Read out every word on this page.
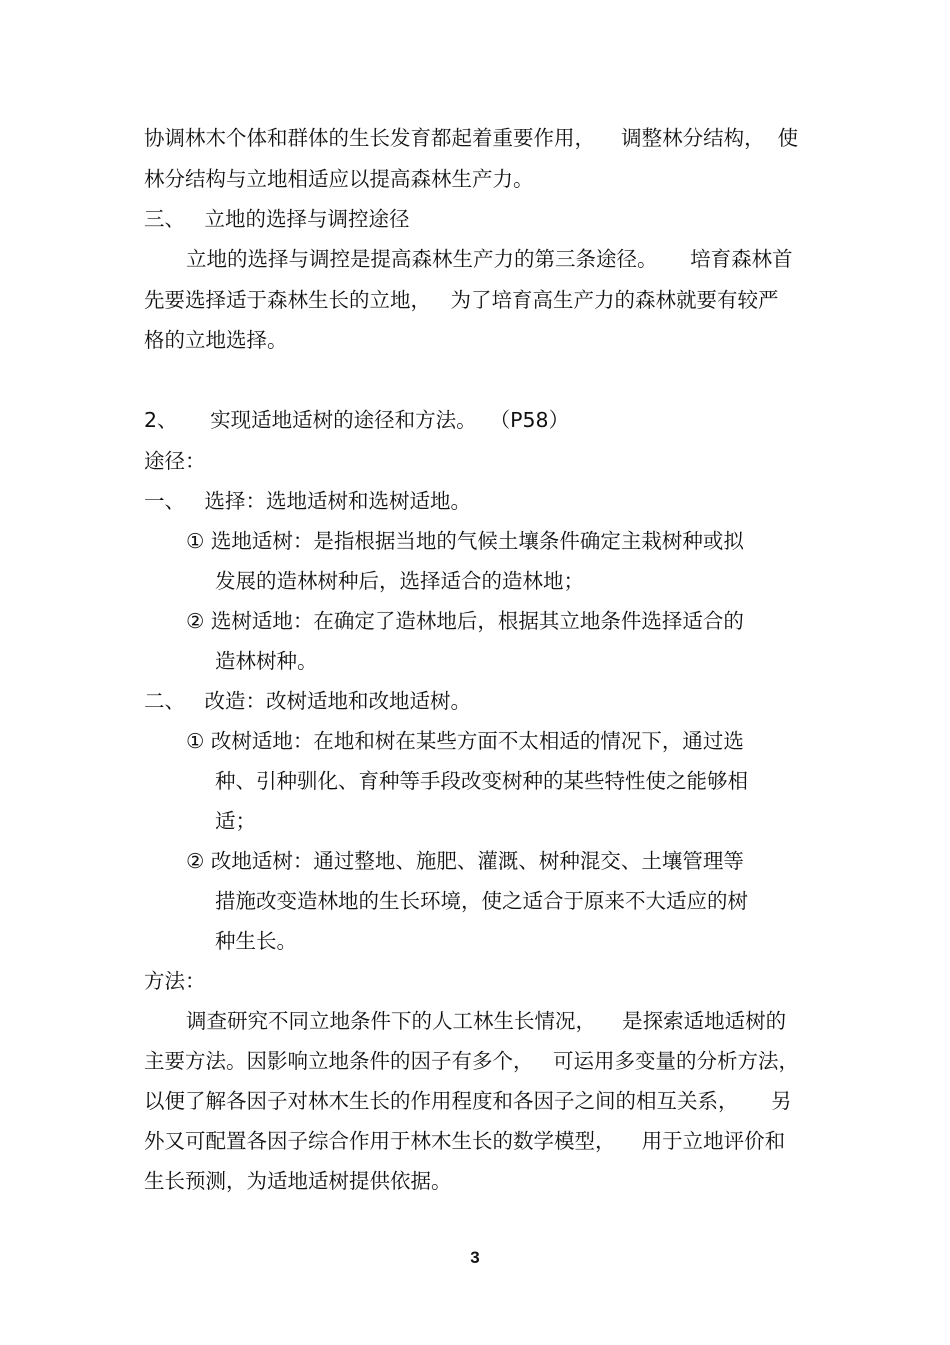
协调林木个体和群体的生长发育都起着重要作用，    调整林分结构，  使
林分结构与立地相适应以提高森林生产力。
三、   立地的选择与调控途径
立地的选择与调控是提高森林生产力的第三条途径。     培育森林首
先要选择适于森林生长的立地，   为了培育高生产力的森林就要有较严
格的立地选择。
2、     实现适地适树的途径和方法。  （P58）
途径：
一、   选择：选地适树和选树适地。
① 选地适树：是指根据当地的气候土壤条件确定主栽树种或拟
发展的造林树种后，选择适合的造林地；
② 选树适地：在确定了造林地后，根据其立地条件选择适合的
造林树种。
二、   改造：改树适地和改地适树。
① 改树适地：在地和树在某些方面不太相适的情况下，通过选
种、引种驯化、育种等手段改变树种的某些特性使之能够相
适；
② 改地适树：通过整地、施肥、灌溉、树种混交、土壤管理等
措施改变造林地的生长环境，使之适合于原来不大适应的树
种生长。
方法：
调查研究不同立地条件下的人工林生长情况，    是探索适地适树的
主要方法。因影响立地条件的因子有多个，   可运用多变量的分析方法，
以便了解各因子对林木生长的作用程度和各因子之间的相互关系，     另
外又可配置各因子综合作用于林木生长的数学模型，    用于立地评价和
生长预测，为适地适树提供依据。
3
